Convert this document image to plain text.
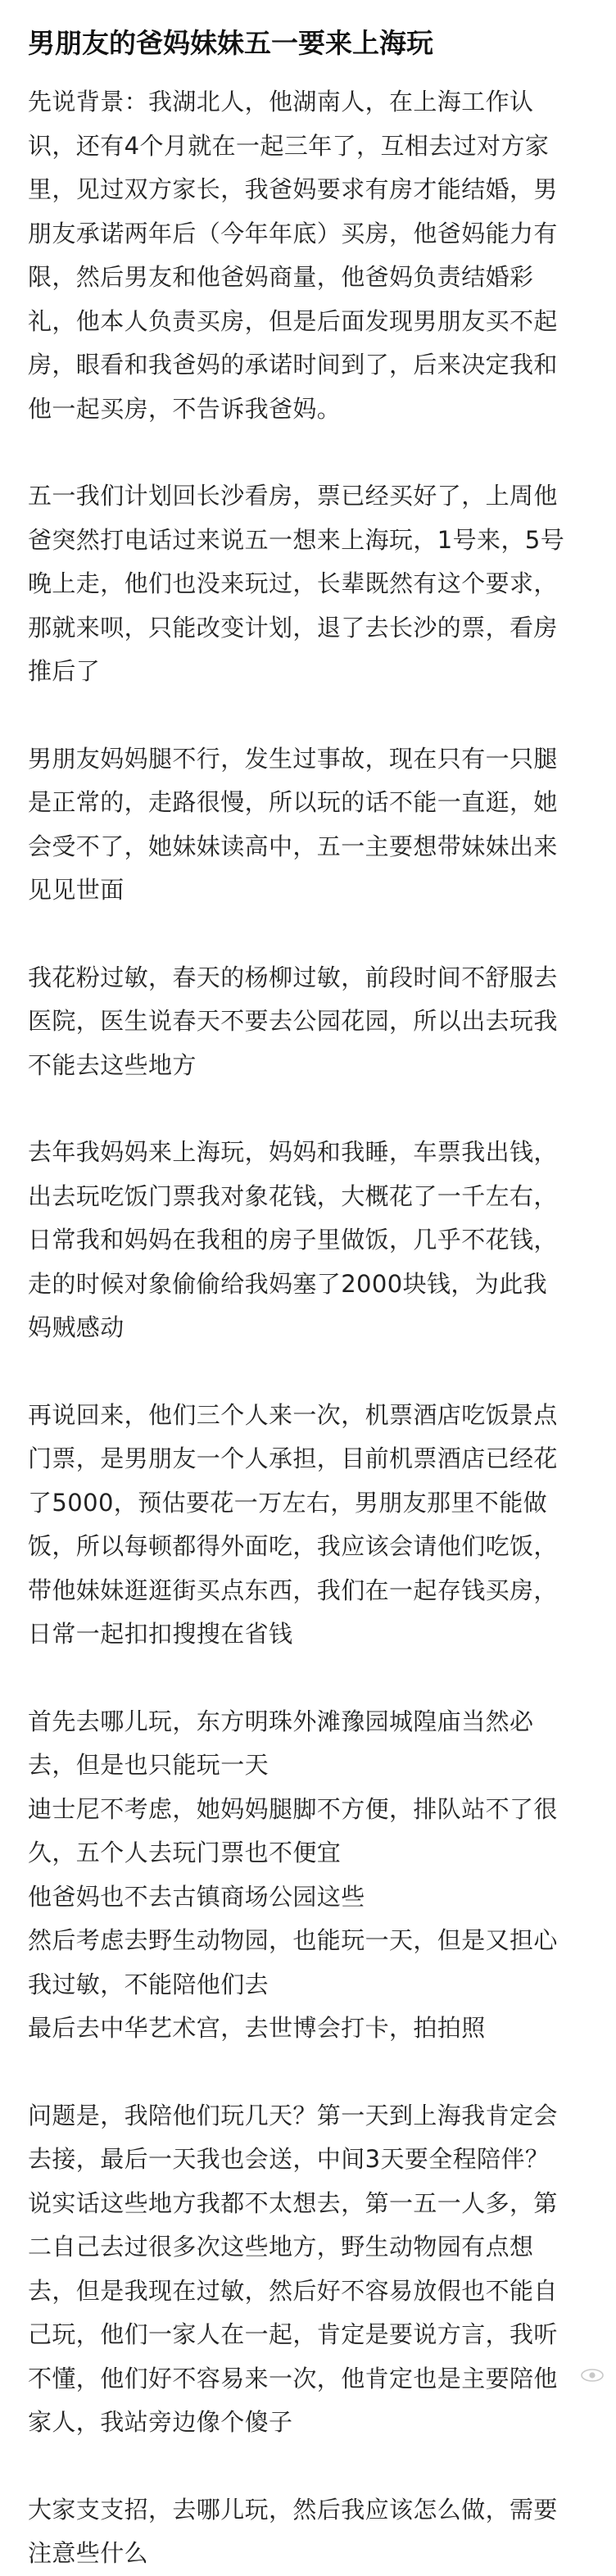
男朋友的爸妈妹妹五一要来上海玩
先说背景：我湖北人，他湖南人，在上海工作认
识，还有4个月就在一起三年了，互相去过对方家
里，见过双方家长，我爸妈要求有房才能结婚，男
朋友承诺两年后（今年年底）买房，他爸妈能力有
限，然后男友和他爸妈商量，他爸妈负责结婚彩
礼，他本人负责买房，但是后面发现男朋友买不起
房，眼看和我爸妈的承诺时间到了，后来决定我和
他一起买房，不告诉我爸妈。
五一我们计划回长沙看房，票已经买好了，上周他
爸突然打电话过来说五一想来上海玩，1号来，5号
晚上走，他们也没来玩过，长辈既然有这个要求，
那就来呗，只能改变计划，退了去长沙的票，看房
推后了
男朋友妈妈腿不行，发生过事故，现在只有一只腿
是正常的，走路很慢，所以玩的话不能一直逛，她
会受不了，她妹妹读高中，五一主要想带妹妹出来
见见世面
我花粉过敏，春天的杨柳过敏，前段时间不舒服去
医院，医生说春天不要去公园花园，所以出去玩我
不能去这些地方
去年我妈妈来上海玩，妈妈和我睡，车票我出钱，
出去玩吃饭门票我对象花钱，大概花了一千左右，
日常我和妈妈在我租的房子里做饭，几乎不花钱，
走的时候对象偷偷给我妈塞了2000块钱，为此我
妈贼感动
再说回来，他们三个人来一次，机票酒店吃饭景点
门票，是男朋友一个人承担，目前机票酒店已经花
了5000，预估要花一万左右，男朋友那里不能做
饭，所以每顿都得外面吃，我应该会请他们吃饭，
带他妹妹逛逛街买点东西，我们在一起存钱买房，
日常一起扣扣搜搜在省钱
首先去哪儿玩，东方明珠外滩豫园城隍庙当然必
去，但是也只能玩一天
迪士尼不考虑，她妈妈腿脚不方便，排队站不了很
久，五个人去玩门票也不便宜
他爸妈也不去古镇商场公园这些
然后考虑去野生动物园，也能玩一天，但是又担心
我过敏，不能陪他们去
最后去中华艺术宫，去世博会打卡，拍拍照
问题是，我陪他们玩几天？第一天到上海我肯定会
去接，最后一天我也会送，中间3天要全程陪伴？
说实话这些地方我都不太想去，第一五一人多，第
二自己去过很多次这些地方，野生动物园有点想
去，但是我现在过敏，然后好不容易放假也不能自
己玩，他们一家人在一起，肯定是要说方言，我听
不懂，他们好不容易来一次，他肯定也是主要陪他
家人，我站旁边像个傻子
大家支支招，去哪儿玩，然后我应该怎么做，需要
注意些什么
